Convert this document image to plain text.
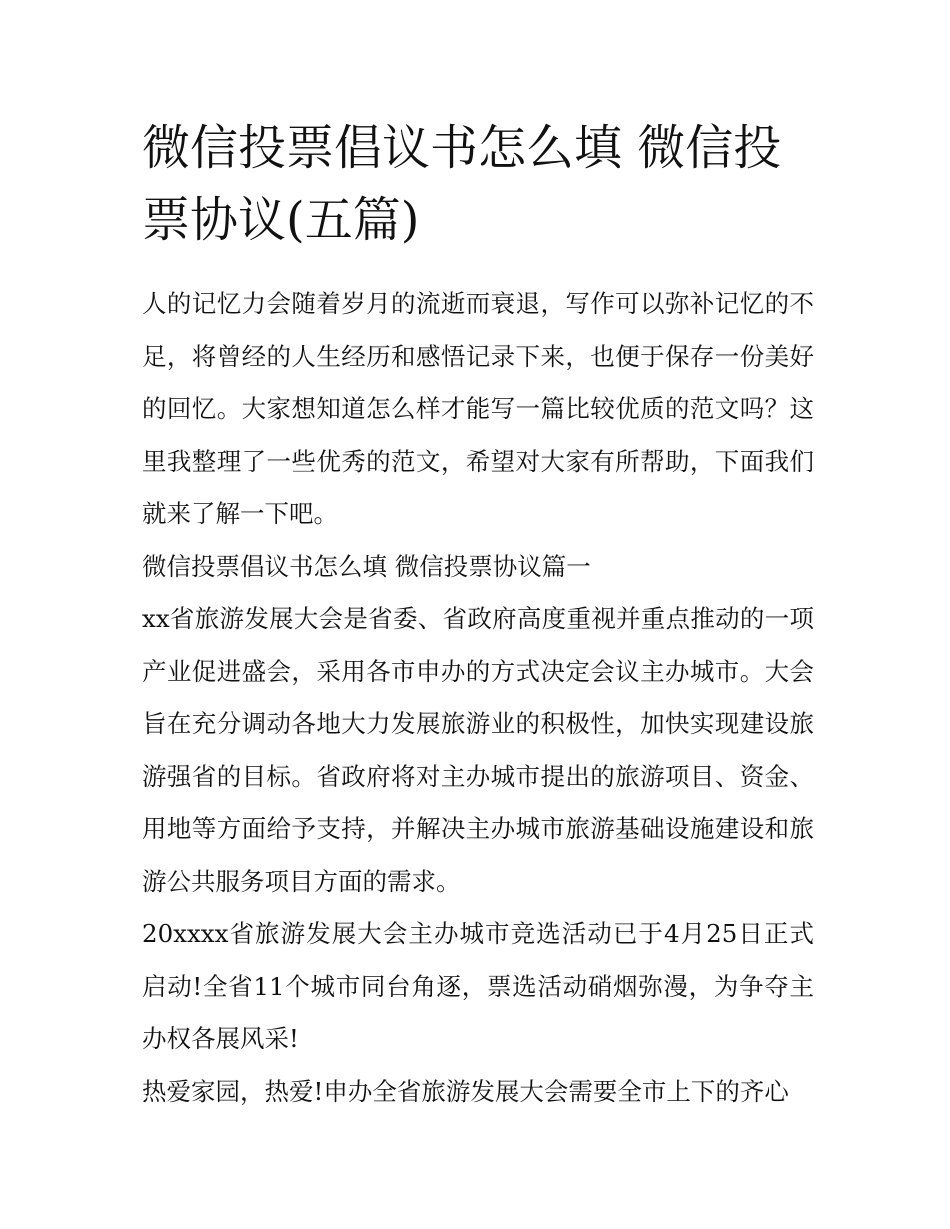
微信投票倡议书怎么填 微信投票协议(五篇)

人的记忆力会随着岁月的流逝而衰退，写作可以弥补记忆的不足，将曾经的人生经历和感悟记录下来，也便于保存一份美好的回忆。大家想知道怎么样才能写一篇比较优质的范文吗？这里我整理了一些优秀的范文，希望对大家有所帮助，下面我们就来了解一下吧。

微信投票倡议书怎么填 微信投票协议篇一

xx省旅游发展大会是省委、省政府高度重视并重点推动的一项产业促进盛会，采用各市申办的方式决定会议主办城市。大会旨在充分调动各地大力发展旅游业的积极性，加快实现建设旅游强省的目标。省政府将对主办城市提出的旅游项目、资金、用地等方面给予支持，并解决主办城市旅游基础设施建设和旅游公共服务项目方面的需求。

20xxxx省旅游发展大会主办城市竞选活动已于4月25日正式启动!全省11个城市同台角逐，票选活动硝烟弥漫，为争夺主办权各展风采!

热爱家园，热爱!申办全省旅游发展大会需要全市上下的齐心
